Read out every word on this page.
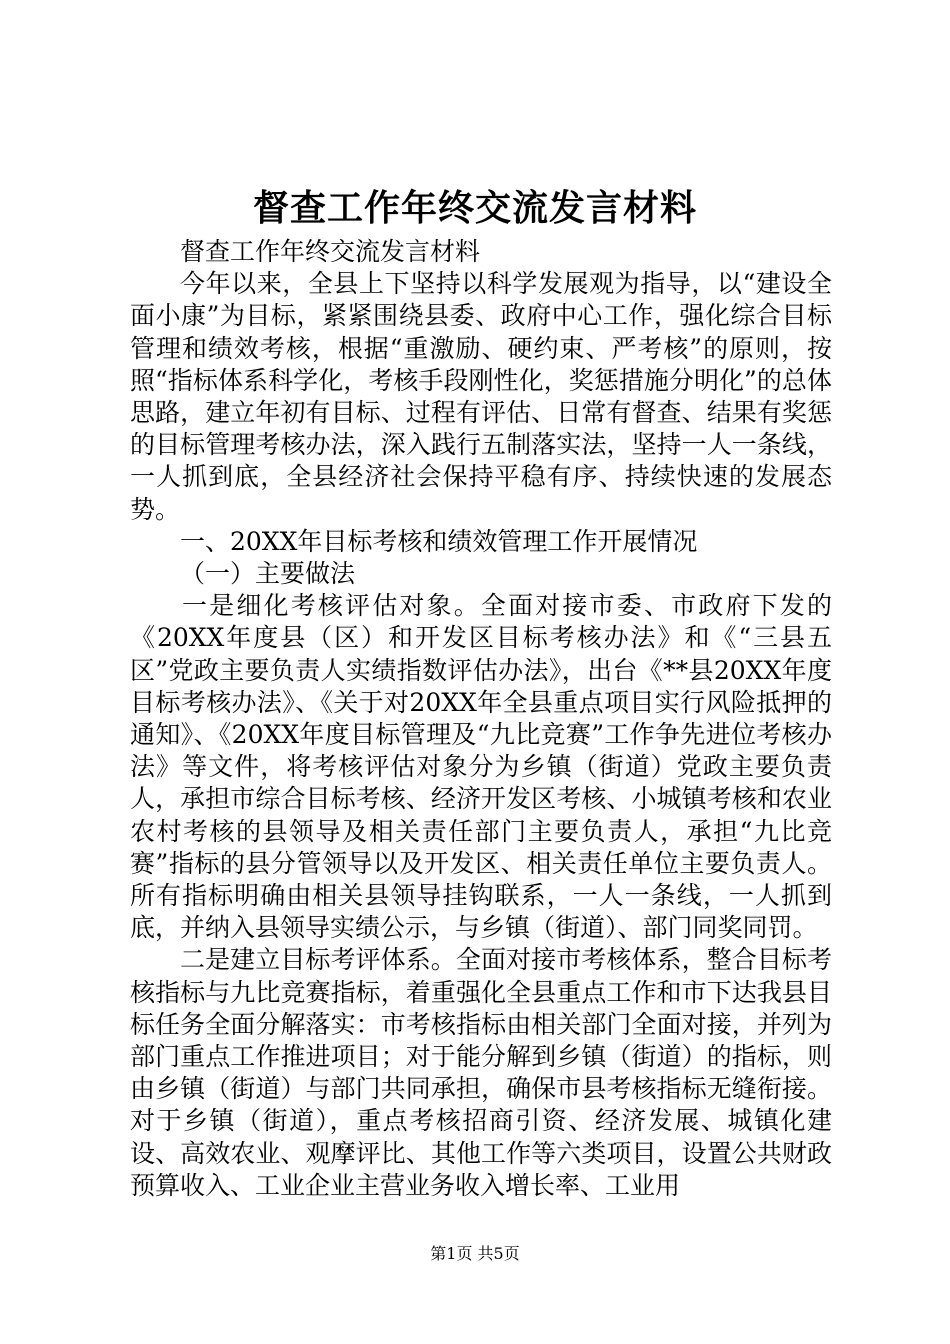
督查工作年终交流发言材料

督查工作年终交流发言材料

今年以来，全县上下坚持以科学发展观为指导，以“建设全面小康”为目标，紧紧围绕县委、政府中心工作，强化综合目标管理和绩效考核，根据“重激励、硬约束、严考核”的原则，按照“指标体系科学化，考核手段刚性化，奖惩措施分明化”的总体思路，建立年初有目标、过程有评估、日常有督查、结果有奖惩的目标管理考核办法，深入践行五制落实法，坚持一人一条线，一人抓到底，全县经济社会保持平稳有序、持续快速的发展态势。

一、20XX年目标考核和绩效管理工作开展情况

（一）主要做法

一是细化考核评估对象。全面对接市委、市政府下发的《20XX年度县（区）和开发区目标考核办法》和《“三县五区”党政主要负责人实绩指数评估办法》，出台《**县20XX年度目标考核办法》、《关于对20XX年全县重点项目实行风险抵押的通知》、《20XX年度目标管理及“九比竞赛”工作争先进位考核办法》等文件，将考核评估对象分为乡镇（街道）党政主要负责人，承担市综合目标考核、经济开发区考核、小城镇考核和农业农村考核的县领导及相关责任部门主要负责人，承担“九比竞赛”指标的县分管领导以及开发区、相关责任单位主要负责人。所有指标明确由相关县领导挂钩联系，一人一条线，一人抓到底，并纳入县领导实绩公示，与乡镇（街道）、部门同奖同罚。

二是建立目标考评体系。全面对接市考核体系，整合目标考核指标与九比竞赛指标，着重强化全县重点工作和市下达我县目标任务全面分解落实：市考核指标由相关部门全面对接，并列为部门重点工作推进项目；对于能分解到乡镇（街道）的指标，则由乡镇（街道）与部门共同承担，确保市县考核指标无缝衔接。对于乡镇（街道），重点考核招商引资、经济发展、城镇化建设、高效农业、观摩评比、其他工作等六类项目，设置公共财政预算收入、工业企业主营业务收入增长率、工业用

第1页 共5页
